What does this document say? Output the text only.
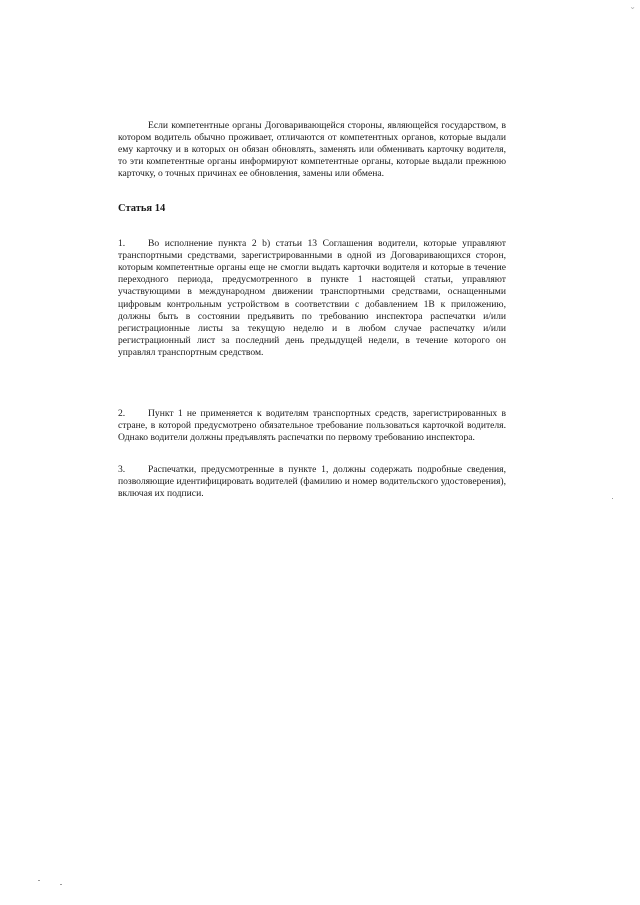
⌄

Если компетентные органы Договаривающейся стороны, являющейся государством, в котором водитель обычно проживает, отличаются от компетентных органов, которые выдали ему карточку и в которых он обязан обновлять, заменять или обменивать карточку водителя, то эти компетентные органы информируют компетентные органы, которые выдали прежнюю карточку, о точных причинах ее обновления, замены или обмена.

Статья 14

1. Во исполнение пункта 2 b) статьи 13 Соглашения водители, которые управляют транспортными средствами, зарегистрированными в одной из Договаривающихся сторон, которым компетентные органы еще не смогли выдать карточки водителя и которые в течение переходного периода, предусмотренного в пункте 1 настоящей статьи, управляют участвующими в международном движении транспортными средствами, оснащенными цифровым контрольным устройством в соответствии с добавлением 1В к приложению, должны быть в состоянии предъявить по требованию инспектора распечатки и/или регистрационные листы за текущую неделю и в любом случае распечатку и/или регистрационный лист за последний день предыдущей недели, в течение которого он управлял транспортным средством.

2. Пункт 1 не применяется к водителям транспортных средств, зарегистрированных в стране, в которой предусмотрено обязательное требование пользоваться карточкой водителя. Однако водители должны предъявлять распечатки по первому требованию инспектора.

3. Распечатки, предусмотренные в пункте 1, должны содержать подробные сведения, позволяющие идентифицировать водителей (фамилию и номер водительского удостоверения), включая их подписи.
